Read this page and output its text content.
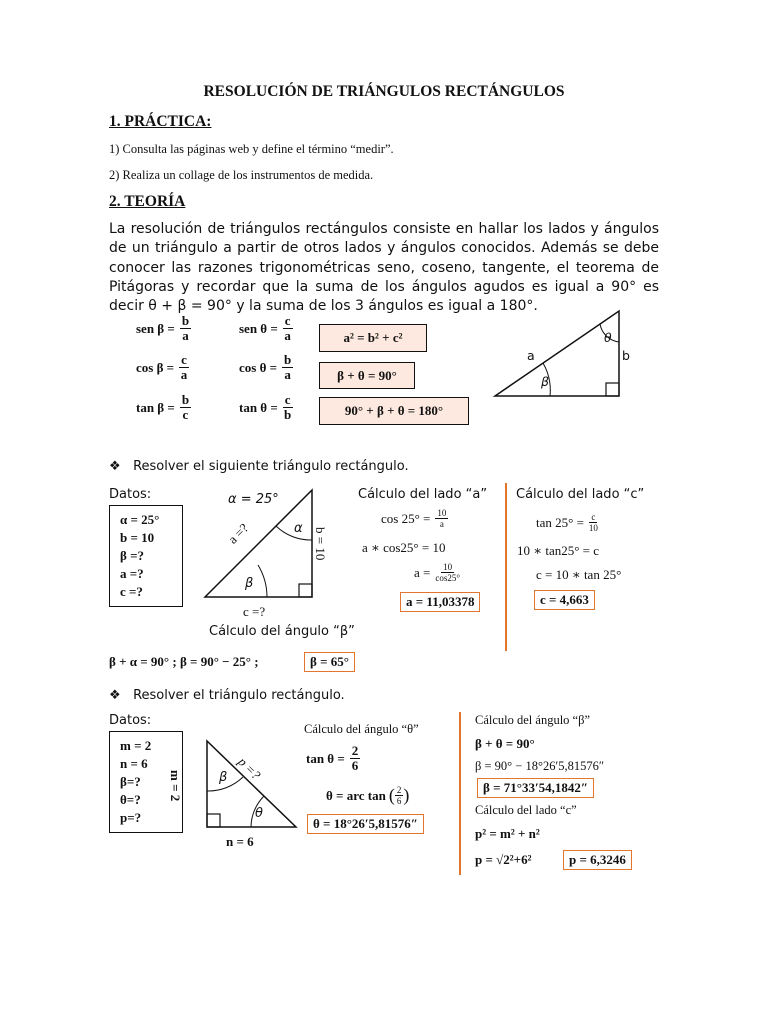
RESOLUCIÓN DE TRIÁNGULOS RECTÁNGULOS
1. PRÁCTICA:
1) Consulta las páginas web y define el término “medir”.
2) Realiza un collage de los instrumentos de medida.
2. TEORÍA
La resolución de triángulos rectángulos consiste en hallar los lados y ángulos de un triángulo a partir de otros lados y ángulos conocidos. Además se debe conocer las razones trigonométricas seno, coseno, tangente, el teorema de Pitágoras y recordar que la suma de los ángulos agudos es igual a 90° es decir θ + β = 90° y la suma de los 3 ángulos es igual a 180°.
sen $\beta = \frac{b}{a}$
$\cos \beta = \frac{c}{a}$
$\tan \beta = \frac{b}{c}$
sen $\theta = \frac{c}{a}$
$\cos \theta = \frac{b}{a}$
$\tan \theta = \frac{c}{b}$
a² = b² + c²
β + θ = 90°
90° + β + θ = 180°
a	b
β
θ
❖ Resolver el siguiente triángulo rectángulo.
Datos:
α = 25°
b = 10
β =?
a =?
c =?
α = 25°
α
a =?	b = 10
β
c =?
Cálculo del lado “a”
$\cos 25^\circ = \frac{10}{a}$
a ∗ cos25° = 10
$a = \frac{10}{\cos 25^\circ}$
a = 11,03378
Cálculo del lado “c”
$\tan 25^\circ = \frac{c}{10}$
10 ∗ tan25° = c
c = 10 ∗ tan 25°
c = 4,663
Cálculo del ángulo “β”
β + α = 90° ; β = 90° − 25° ;	β = 65°
❖ Resolver el triángulo rectángulo.
Datos:
m = 2
n = 6
β=?
θ=?
p=?
p =?
m = 2	β
θ
n = 6
Cálculo del ángulo “θ”
$\tan \theta = \frac{2}{6}$
θ = arc tan ( $\frac{2}{6}$ )
θ = 18°26′5,81576″
Cálculo del ángulo “β”
β + θ = 90°
β = 90° − 18°26′5,81576″
β = 71°33′54,1842″
Cálculo del lado “c”
p² = m² + n²
p = √2²+6²	p = 6,3246
